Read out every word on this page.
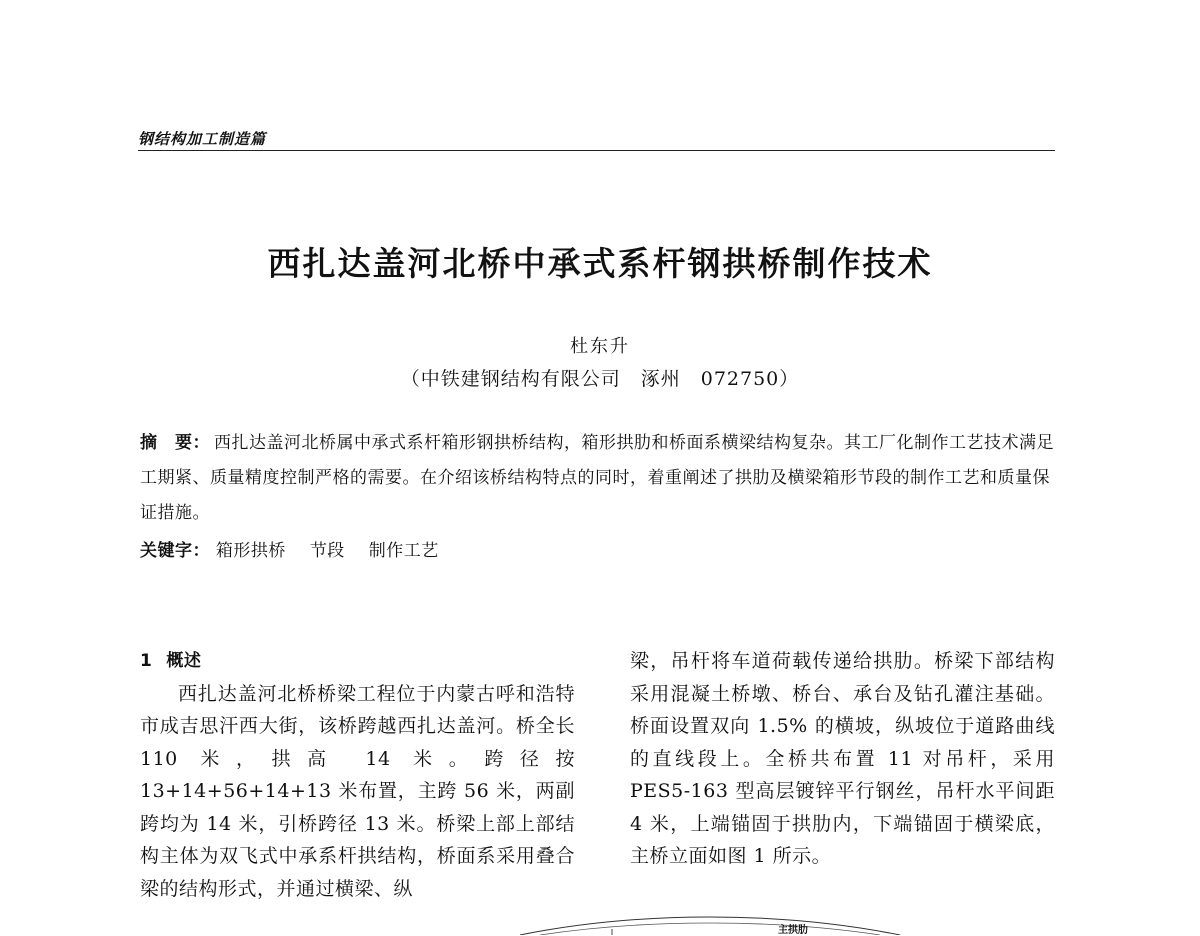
钢结构加工制造篇
西扎达盖河北桥中承式系杆钢拱桥制作技术
杜东升
（中铁建钢结构有限公司　涿州　072750）
摘　要： 西扎达盖河北桥属中承式系杆箱形钢拱桥结构，箱形拱肋和桥面系横梁结构复杂。其工厂化制作工艺技术满足工期紧、质量精度控制严格的需要。在介绍该桥结构特点的同时，着重阐述了拱肋及横梁箱形节段的制作工艺和质量保证措施。
关键字： 箱形拱桥 节段 制作工艺
1 概述
西扎达盖河北桥桥梁工程位于内蒙古呼和浩特市成吉思汗西大街，该桥跨越西扎达盖河。桥全长 110 米，拱高 14 米。跨径按 13+14+56+14+13 米布置，主跨 56 米，两副跨均为 14 米，引桥跨径 13 米。桥梁上部上部结构主体为双飞式中承系杆拱结构，桥面系采用叠合梁的结构形式，并通过横梁、纵
梁，吊杆将车道荷载传递给拱肋。桥梁下部结构采用混凝土桥墩、桥台、承台及钻孔灌注基础。桥面设置双向 1.5% 的横坡，纵坡位于道路曲线的直线段上。全桥共布置 11 对吊杆，采用 PES5-163 型高层镀锌平行钢丝，吊杆水平间距 4 米，上端锚固于拱肋内，下端锚固于横梁底，主桥立面如图 1 所示。
主拱肋
